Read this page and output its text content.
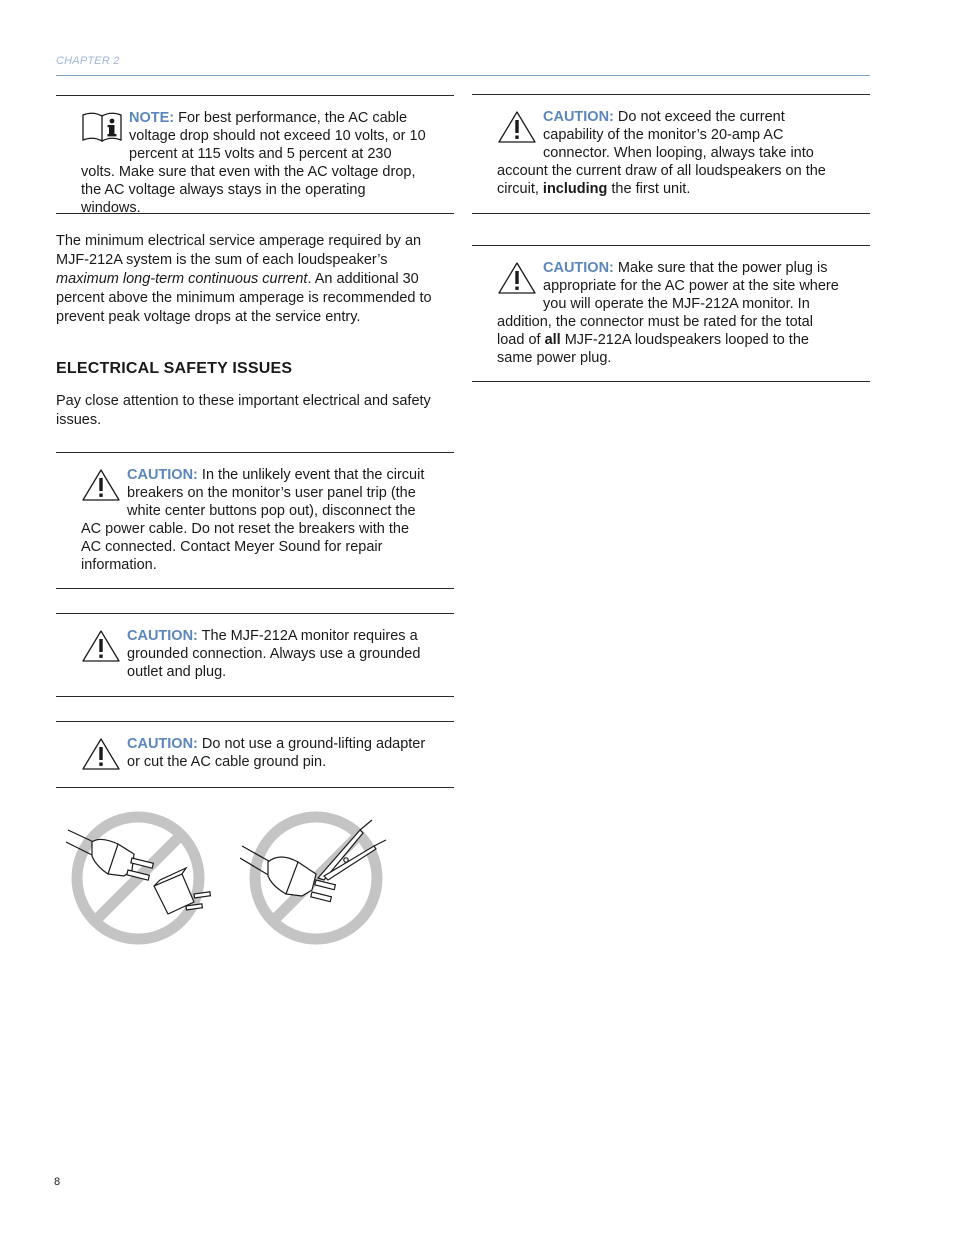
CHAPTER 2
NOTE: For best performance, the AC cable voltage drop should not exceed 10 volts, or 10 percent at 115 volts and 5 percent at 230 volts. Make sure that even with the AC voltage drop, the AC voltage always stays in the operating windows.
The minimum electrical service amperage required by an MJF-212A system is the sum of each loudspeaker’s maximum long-term continuous current. An additional 30 percent above the minimum amperage is recommended to prevent peak voltage drops at the service entry.
ELECTRICAL SAFETY ISSUES
Pay close attention to these important electrical and safety issues.
CAUTION: In the unlikely event that the circuit breakers on the monitor’s user panel trip (the white center buttons pop out), disconnect the AC power cable. Do not reset the breakers with the AC connected. Contact Meyer Sound for repair information.
CAUTION: The MJF-212A monitor requires a grounded connection. Always use a grounded outlet and plug.
CAUTION: Do not use a ground-lifting adapter or cut the AC cable ground pin.
CAUTION: Do not exceed the current capability of the monitor’s 20-amp AC connector. When looping, always take into account the current draw of all loudspeakers on the circuit, including the first unit.
CAUTION: Make sure that the power plug is appropriate for the AC power at the site where you will operate the MJF-212A monitor. In addition, the connector must be rated for the total load of all MJF-212A loudspeakers looped to the same power plug.
8
